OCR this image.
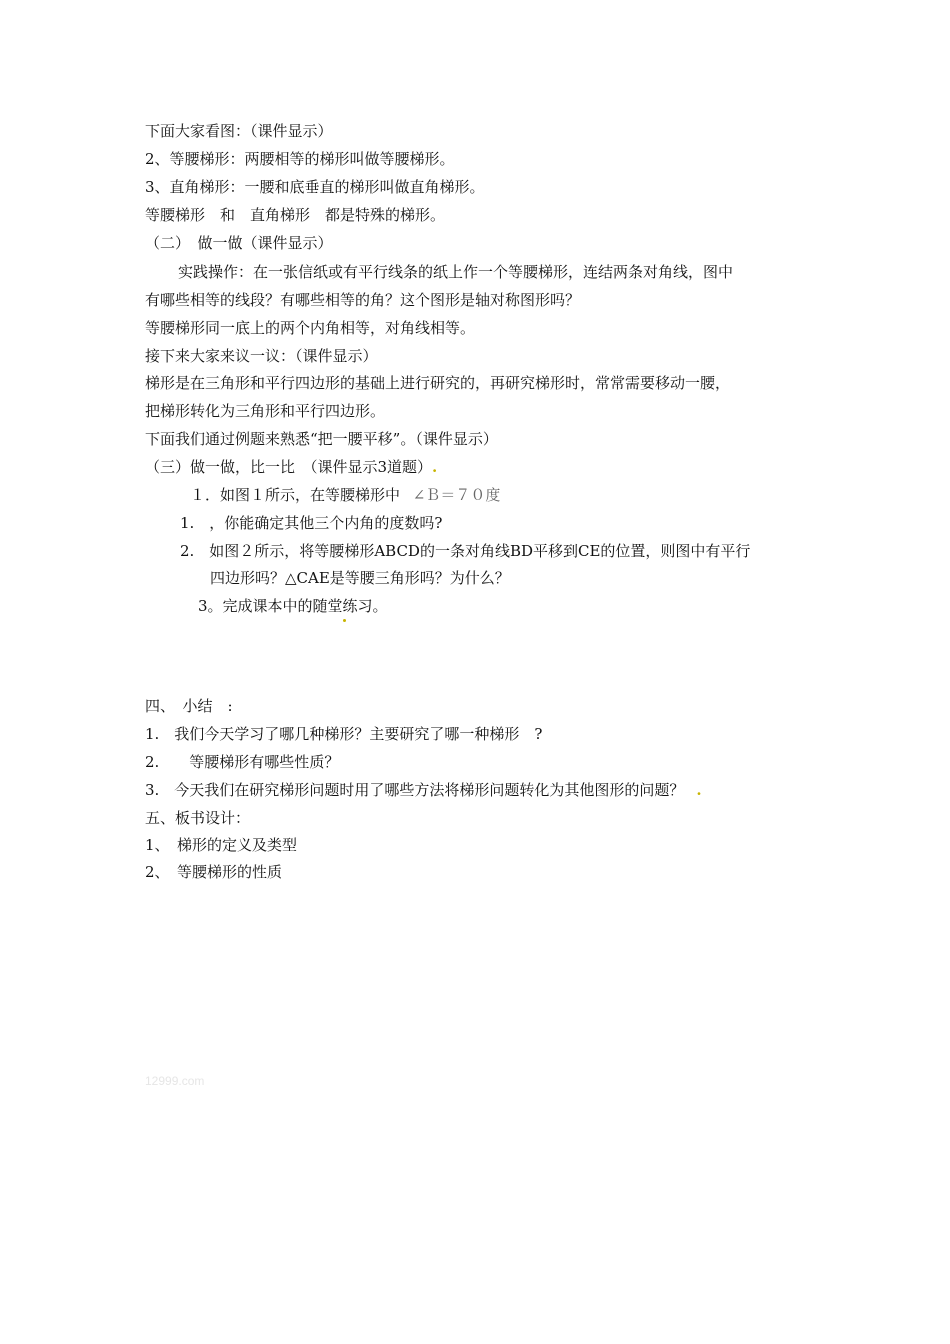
下面大家看图：（课件显示）
2、等腰梯形：两腰相等的梯形叫做等腰梯形。
3、直角梯形：一腰和底垂直的梯形叫做直角梯形。
等腰梯形　和　直角梯形　都是特殊的梯形。
（二）　做一做（课件显示）
实践操作：在一张信纸或有平行线条的纸上作一个等腰梯形，连结两条对角线，图中
有哪些相等的线段？有哪些相等的角？这个图形是轴对称图形吗？
等腰梯形同一底上的两个内角相等，对角线相等。
接下来大家来议一议：（课件显示）
梯形是在三角形和平行四边形的基础上进行研究的，再研究梯形时，常常需要移动一腰，
把梯形转化为三角形和平行四边形。
下面我们通过例题来熟悉“把一腰平移”。（课件显示）
（三）做一做，比一比　（课件显示3道题）.
１．如图１所示，在等腰梯形中 ∠Ｂ＝７０度
1.　，你能确定其他三个内角的度数吗?
2.　如图２所示，将等腰梯形ABCD的一条对角线BD平移到CE的位置，则图中有平行
四边形吗？△CAE是等腰三角形吗？为什么？
3。完成课本中的随堂练习。
四、　小结　:
1.　我们今天学习了哪几种梯形？主要研究了哪一种梯形　?
2.　　等腰梯形有哪些性质？
3.　今天我们在研究梯形问题时用了哪些方法将梯形问题转化为其他图形的问题？ .
五、板书设计：
1、　梯形的定义及类型
2、　等腰梯形的性质
12999.com
